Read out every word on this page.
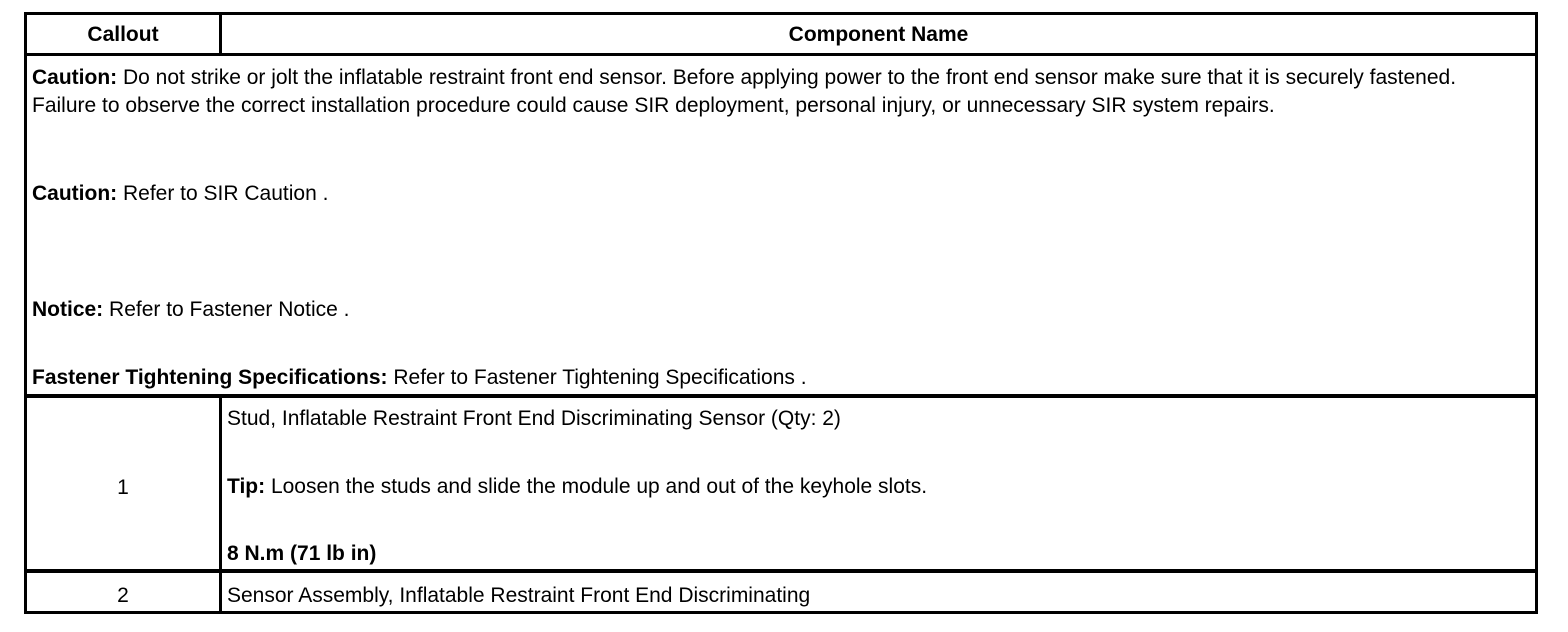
Callout	Component Name
Caution: Do not strike or jolt the inflatable restraint front end sensor. Before applying power to the front end sensor make sure that it is securely fastened. Failure to observe the correct installation procedure could cause SIR deployment, personal injury, or unnecessary SIR system repairs.
Caution: Refer to SIR Caution .
Notice: Refer to Fastener Notice .
Fastener Tightening Specifications: Refer to Fastener Tightening Specifications .
1
Stud, Inflatable Restraint Front End Discriminating Sensor (Qty: 2)
Tip: Loosen the studs and slide the module up and out of the keyhole slots.
8 N.m (71 lb in)
2	Sensor Assembly, Inflatable Restraint Front End Discriminating
